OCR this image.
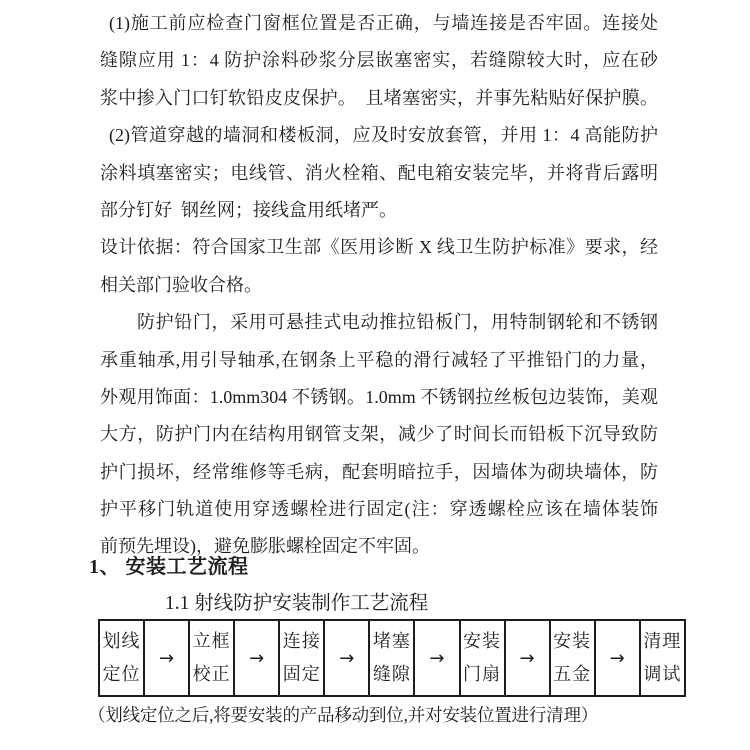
(1)施工前应检查门窗框位置是否正确，与墙连接是否牢固。连接处
缝隙应用 1：4 防护涂料砂浆分层嵌塞密实，若缝隙较大时，应在砂
浆中掺入门口钉软铅皮皮保护。　且堵塞密实，并事先粘贴好保护膜。
(2)管道穿越的墙洞和楼板洞，应及时安放套管，并用 1：4 高能防护
涂料填塞密实；电线管、消火栓箱、配电箱安装完毕，并将背后露明
部分钉好 钢丝网；接线盒用纸堵严。
设计依据：符合国家卫生部《医用诊断 X 线卫生防护标准》要求，经
相关部门验收合格。
防护铅门，采用可悬挂式电动推拉铅板门，用特制钢轮和不锈钢
承重轴承,用引导轴承,在钢条上平稳的滑行减轻了平推铅门的力量，
外观用饰面：1.0mm304 不锈钢。1.0mm 不锈钢拉丝板包边装饰，美观
大方，防护门内在结构用钢管支架，减少了时间长而铅板下沉导致防
护门损坏，经常维修等毛病，配套明暗拉手，因墙体为砌块墙体，防
护平移门轨道使用穿透螺栓进行固定(注：穿透螺栓应该在墙体装饰
前预先埋设)，避免膨胀螺栓固定不牢固。
1、 安装工艺流程
1.1 射线防护安装制作工艺流程
划线
定位
	→	
立框
校正
	→	
连接
固定
	→	
堵塞
缝隙
	→	
安装
门扇
	→	
安装
五金
	→	
清理
调试
（划线定位之后,将要安装的产品移动到位,并对安装位置进行清理）
